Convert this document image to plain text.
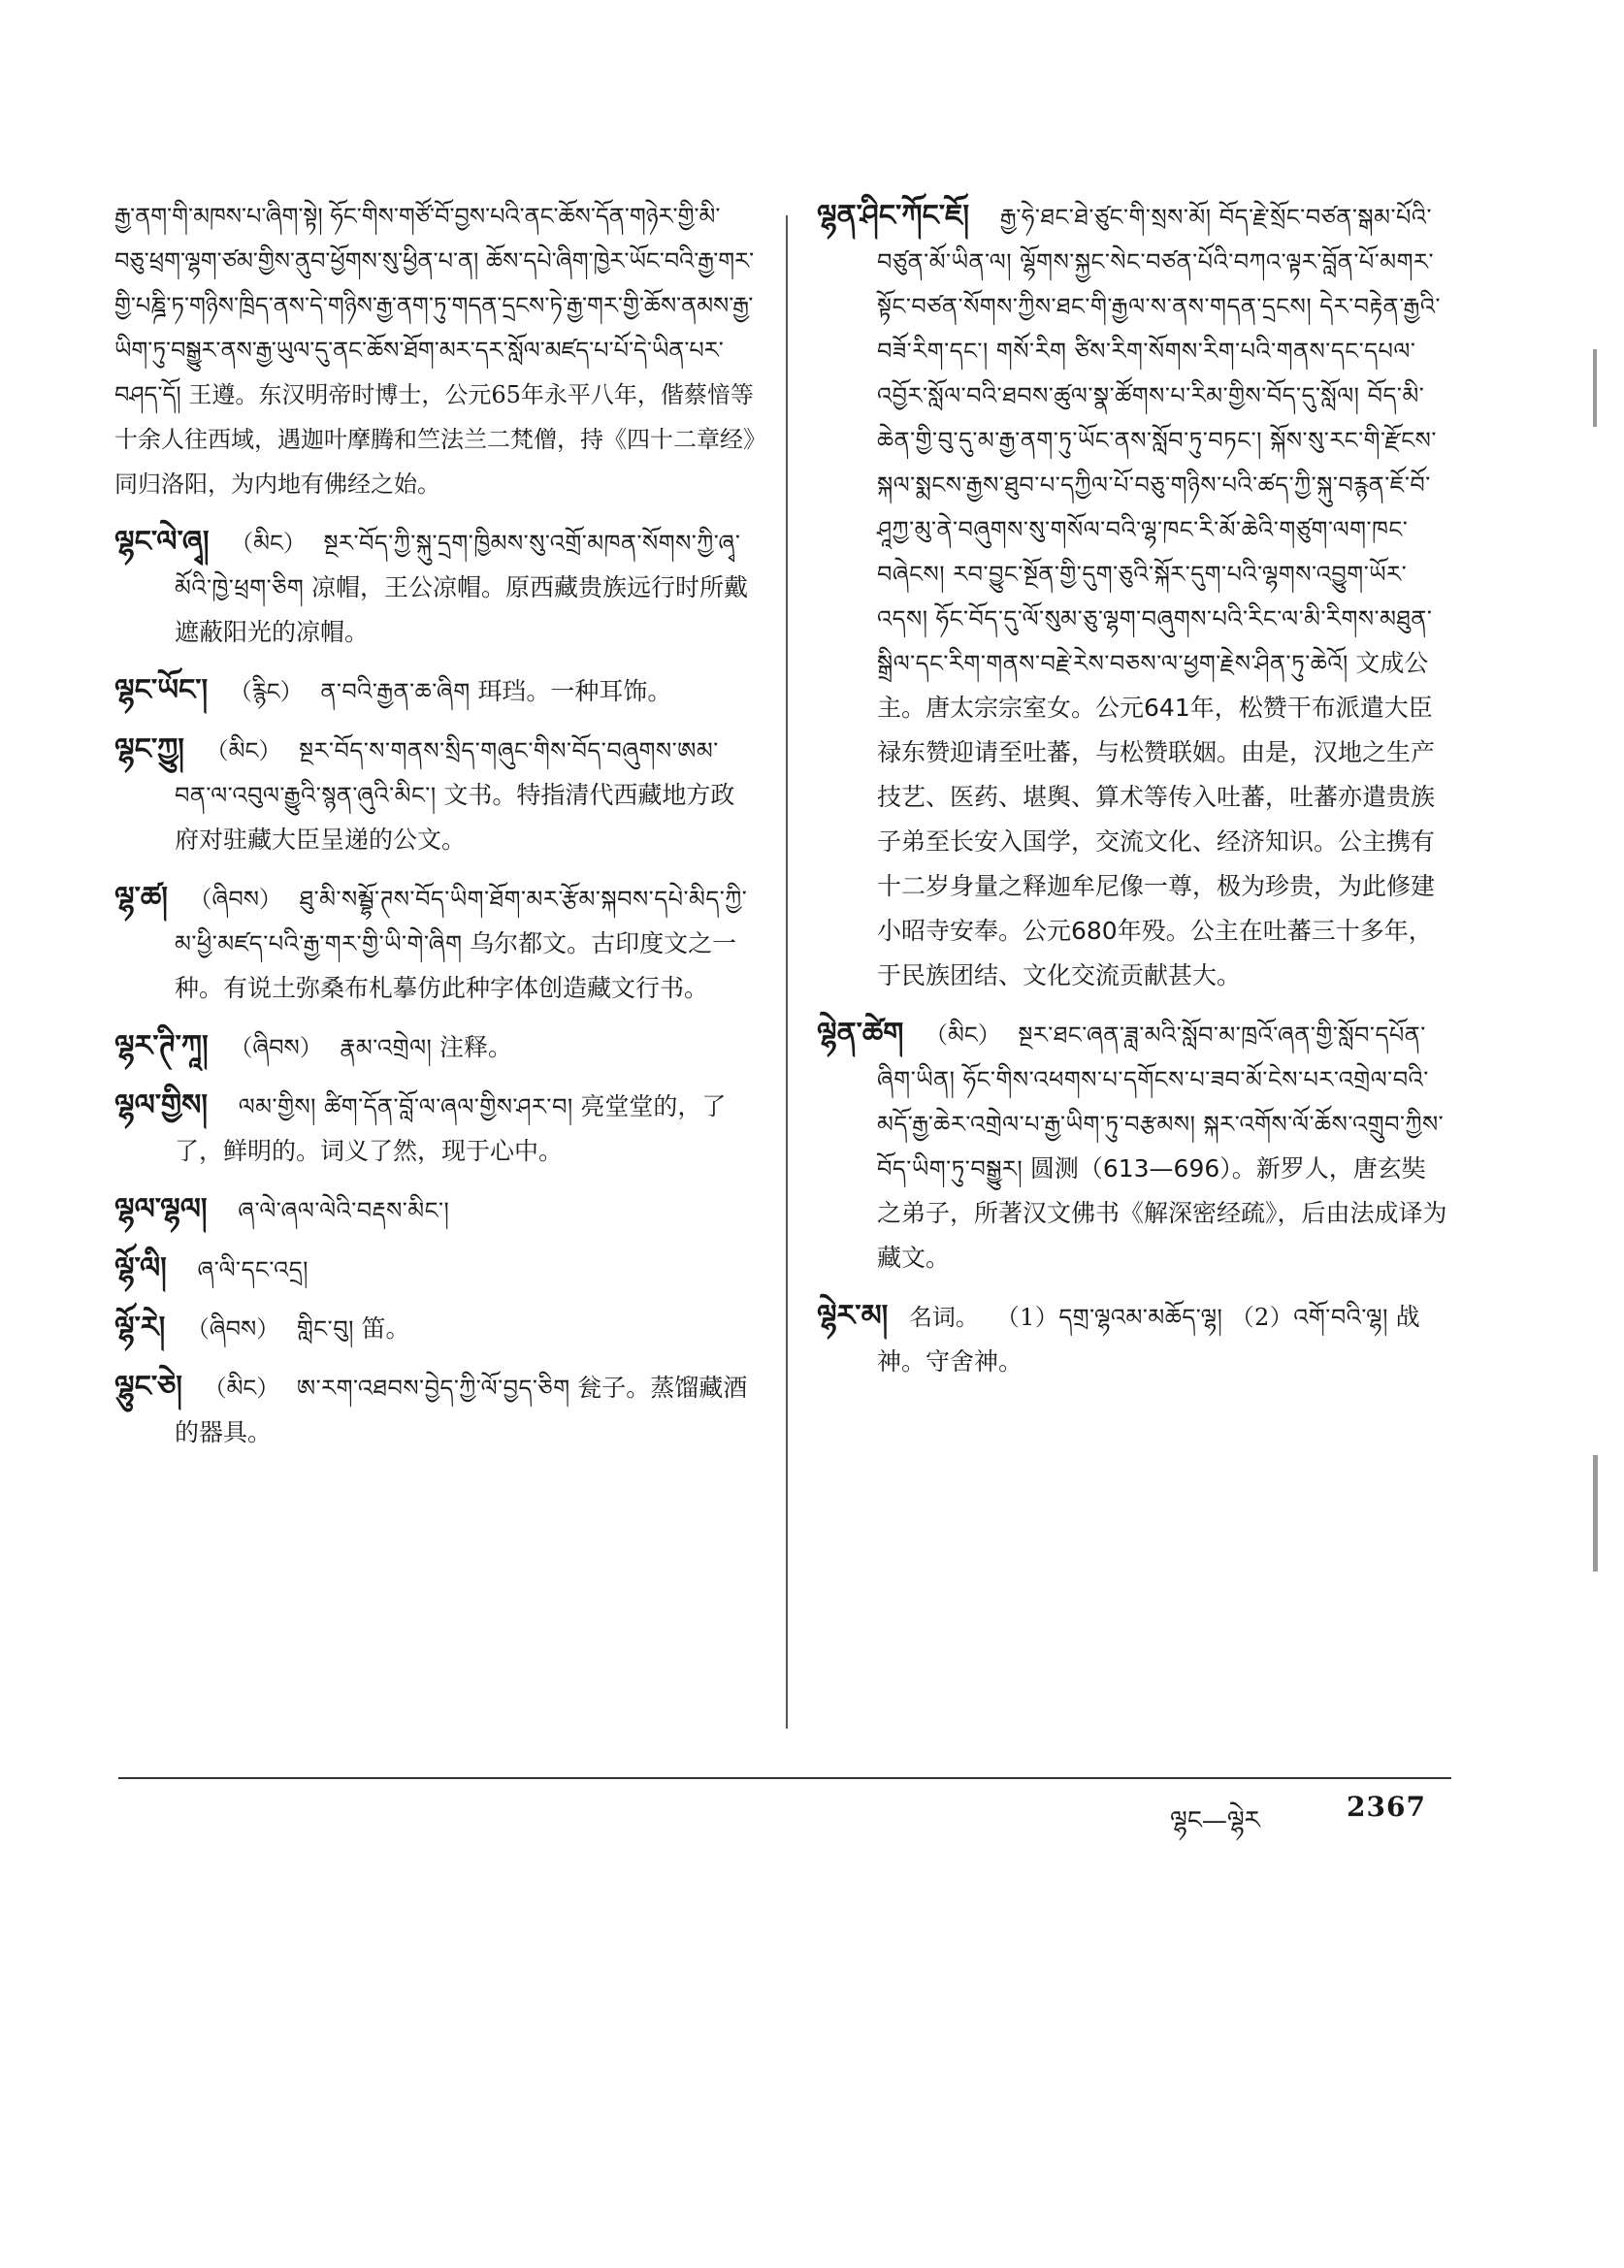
རྒྱ་ནག་གི་མཁས་པ་ཞིག་སྟེ། ཧོང་གིས་གཙོ་བོ་བྱས་པའི་ནང་ཆོས་དོན་གཉེར་གྱི་མི་བཅུ་ཕྲག་ལྷག་ཙམ་གྱིས་ནུབ་ཕྱོགས་སུ་ཕྱིན་པ་ན། ཆོས་དཔེ་ཞིག་ཁྱེར་ཡོང་བའི་རྒྱ་གར་གྱི་པཎྜི་ཏ་གཉིས་ཁྲིད་ནས་དེ་གཉིས་རྒྱ་ནག་ཏུ་གདན་དྲངས་ཏེ་རྒྱ་གར་གྱི་ཆོས་ནམས་རྒྱ་ཡིག་ཏུ་བསྒྱུར་ནས་རྒྱ་ཡུལ་དུ་ནང་ཆོས་ཐོག་མར་དར་སློལ་མཛད་པ་པོ་དེ་ཡིན་པར་བཤད་དོ། 王遵。东汉明帝时博士，公元65年永平八年，偕蔡愔等十余人往西域，遇迦叶摩腾和竺法兰二梵僧，持《四十二章经》同归洛阳，为内地有佛经之始。

ལྷང་ལེ་ཞྭ། （མིང） སྔར་བོད་ཀྱི་སྐུ་དྲག་ཁྱིམས་སུ་འགྲོ་མཁན་སོགས་ཀྱི་ཞྭ་མོའི་ཁྱེ་ཕྲག་ཅིག 凉帽，王公凉帽。原西藏贵族远行时所戴遮蔽阳光的凉帽。

ལྷང་ཡོང་། （རྙིང） ན་བའི་རྒྱན་ཆ་ཞིག 珥珰。一种耳饰。

ལྷང་ཀྱུ། （མིང） སྔར་བོད་ས་གནས་སྲིད་གཞུང་གིས་བོད་བཞུགས་ཨམ་བན་ལ་འབུལ་རྒྱུའི་སྙན་ཞུའི་མིང་། 文书。特指清代西藏地方政府对驻藏大臣呈递的公文。

ལྷ་ཚ། （ཞིབས） ཐུ་མི་སམྦྷོ་ཊས་བོད་ཡིག་ཐོག་མར་རྩོམ་སྐབས་དཔེ་མིད་ཀྱི་མ་ཕྱི་མཛད་པའི་རྒྱ་གར་གྱི་ཡི་གེ་ཞིག 乌尔都文。古印度文之一种。有说土弥桑布札摹仿此种字体创造藏文行书。

ལྷར་ཊི་ཀཱ། （ཞིབས） རྣམ་འགྲེལ། 注释。

ལྷལ་གྱིས། ལམ་གྱིས། ཚིག་དོན་བློ་ལ་ཞལ་གྱིས་ཤར་བ། 亮堂堂的，了了，鲜明的。词义了然，现于心中。

ལྷལ་ལྷལ། ཞ་ལེ་ཞལ་ལེའི་བརྡས་མིང་།

ལྷོ་ལི། ཞ་ལི་དང་འདྲ།

ལྷོ་རེ། （ཞིབས） གླིང་བུ། 笛。

ལྷུང་ཅེ། （མིང） ཨ་རག་འཐབས་བྱེད་ཀྱི་ལོ་བྱད་ཅིག 瓮子。蒸馏藏酒的器具。

ལྷན་ཤིང་ཀོང་ཇོ། རྒྱ་ཧེ་ཐང་ཐེ་ཙུང་གི་སྲས་མོ། བོད་རྗེ་སྲོང་བཙན་སྒམ་པོའི་བཙུན་མོ་ཡིན་ལ། ལྷོགས་སྐྱང་སེང་བཙན་པོའི་བཀའ་ལྟར་བློན་པོ་མགར་སྟོང་བཙན་སོགས་ཀྱིས་ཐང་གི་རྒྱལ་ས་ནས་གདན་དྲངས། དེར་བརྟེན་རྒྱའི་བཟོ་རིག་དང་། གསོ་རིག ཙིས་རིག་སོགས་རིག་པའི་གནས་དང་དཔལ་འབྱོར་སློལ་བའི་ཐབས་ཚུལ་སྣ་ཚོགས་པ་རིམ་གྱིས་བོད་དུ་སློལ། བོད་མི་ཆེན་གྱི་བུ་དུ་མ་རྒྱ་ནག་ཏུ་ཡོང་ནས་སློབ་ཏུ་བཏང་། སྐོས་སུ་རང་གི་རྫོངས་སྐལ་སྨངས་རྒྱས་ཐུབ་པ་དཀྱིལ་པོ་བཅུ་གཉིས་པའི་ཚད་ཀྱི་སྐུ་བརྙན་ཇོ་བོ་ཤཱཀྱ་མུ་ནེ་བཞུགས་སུ་གསོལ་བའི་ལྷ་ཁང་རི་མོ་ཆེའི་གཙུག་ལག་ཁང་བཞེངས། རབ་བྱུང་སྔོན་གྱི་དུག་ཅུའི་སྐོར་དུག་པའི་ལྷགས་འབྱུག་ཡོར་འདས། ཧོང་བོད་དུ་ལོ་སུམ་ཅུ་ལྷག་བཞུགས་པའི་རིང་ལ་མི་རིགས་མཐུན་སྒྲིལ་དང་རིག་གནས་བརྗེ་རེས་བཅས་ལ་ཕྱག་རྗེས་ཤིན་ཏུ་ཆེའོ། 文成公主。唐太宗宗室女。公元641年，松赞干布派遣大臣禄东赞迎请至吐蕃，与松赞联姻。由是，汉地之生产技艺、医药、堪舆、算术等传入吐蕃，吐蕃亦遣贵族子弟至长安入国学，交流文化、经济知识。公主携有十二岁身量之释迦牟尼像一尊，极为珍贵，为此修建小昭寺安奉。公元680年殁。公主在吐蕃三十多年，于民族团结、文化交流贡献甚大。

ལྷེན་ཚེག （མིང） སྔར་ཐང་ཞན་ཟླ་མའི་སློབ་མ་ཁྲའོ་ཞན་གྱི་སློབ་དཔོན་ཞིག་ཡིན། ཧོང་གིས་འཕགས་པ་དགོངས་པ་ཟབ་མོ་ངེས་པར་འགྲེལ་བའི་མདོ་རྒྱ་ཆེར་འགྲེལ་པ་རྒྱ་ཡིག་ཏུ་བརྩམས། སྐར་འགོས་ལོ་ཆོས་འགྲུབ་ཀྱིས་བོད་ཡིག་ཏུ་བསྒྱུར། 圆测（613—696）。新罗人，唐玄奘之弟子，所著汉文佛书《解深密经疏》，后由法成译为藏文。

ལྷེར་མ། 名词。 （1）དགྲ་ལྷའམ་མཆོད་ལྷ། （2）འགོ་བའི་ལྷ། 战神。守舍神。

ལྷང—ལྷེར	2367
